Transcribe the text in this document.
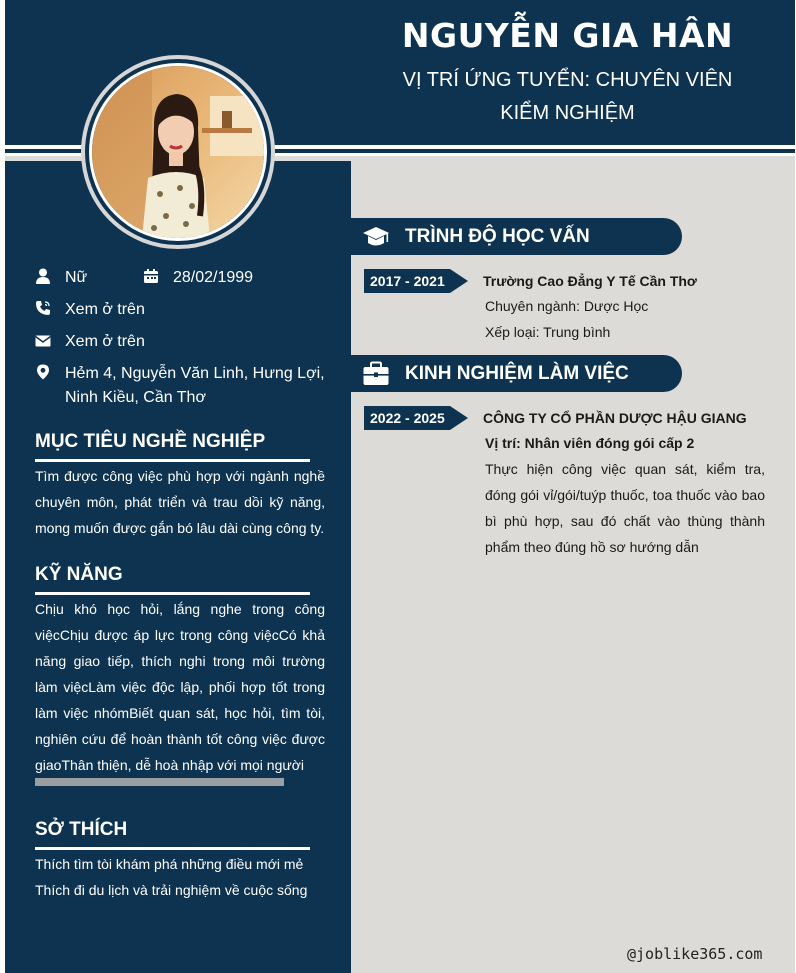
NGUYỄN GIA HÂN
VỊ TRÍ ỨNG TUYỂN: CHUYÊN VIÊN KIỂM NGHIỆM
Nữ	28/02/1999
Xem ở trên
Xem ở trên
Hẻm 4, Nguyễn Văn Linh, Hưng Lợi, Ninh Kiều, Cần Thơ
MỤC TIÊU NGHỀ NGHIỆP
Tìm được công việc phù hợp với ngành nghề chuyên môn, phát triển và trau dồi kỹ năng, mong muốn được gắn bó lâu dài cùng công ty.
KỸ NĂNG
Chịu khó học hỏi, lắng nghe trong công việcChịu được áp lực trong công việcCó khả năng giao tiếp, thích nghi trong môi trường làm việcLàm việc độc lập, phối hợp tốt trong làm việc nhómBiết quan sát, học hỏi, tìm tòi, nghiên cứu để hoàn thành tốt công việc được giaoThân thiện, dễ hoà nhập với mọi người
SỞ THÍCH
Thích tìm tòi khám phá những điều mới mẻ
Thích đi du lịch và trải nghiệm về cuộc sống
TRÌNH ĐỘ HỌC VẤN
2017 - 2021	Trường Cao Đẳng Y Tế Cần Thơ
Chuyên ngành: Dược Học
Xếp loại: Trung bình
KINH NGHIỆM LÀM VIỆC
2022 - 2025	CÔNG TY CỔ PHẦN DƯỢC HẬU GIANG
Vị trí: Nhân viên đóng gói cấp 2
Thực hiện công việc quan sát, kiểm tra, đóng gói vỉ/gói/tuýp thuốc, toa thuốc vào bao bì phù hợp, sau đó chất vào thùng thành phẩm theo đúng hồ sơ hướng dẫn
@joblike365.com
